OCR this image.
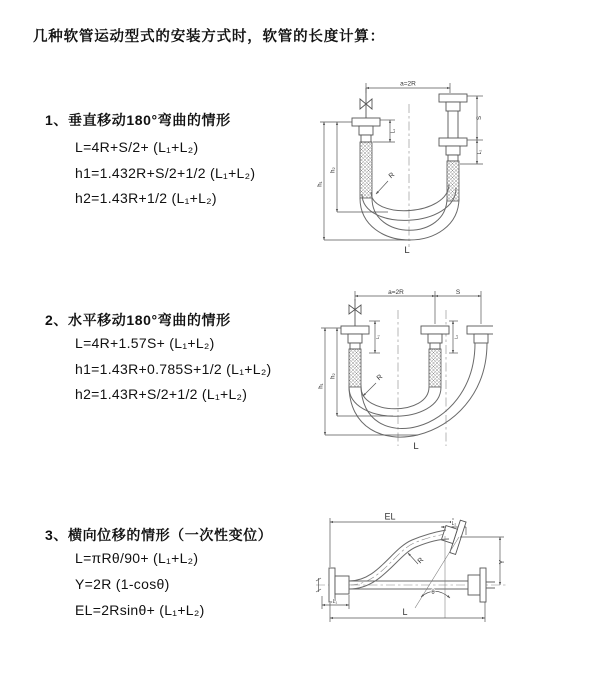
几种软管运动型式的安装方式时，软管的长度计算：
1、垂直移动180°弯曲的情形
L=4R+S/2+ (L₁+L₂)
h1=1.432R+S/2+1/2 (L₁+L₂)
h2=1.43R+1/2 (L₁+L₂)
2、水平移动180°弯曲的情形
L=4R+1.57S+ (L₁+L₂)
h1=1.43R+0.785S+1/2 (L₁+L₂)
h2=1.43R+S/2+1/2 (L₁+L₂)
3、横向位移的情形（一次性变位）
L=πRθ/90+ (L₁+L₂)
Y=2R (1-cosθ)
EL=2Rsinθ+ (L₁+L₂)
a=2R
h₁
h₂
L₁
S
L₂
R
L
a=2R	S
h₁
h₂
L₁	L₂
R
L
EL
L₂
θ
R	Y
L
L₁
